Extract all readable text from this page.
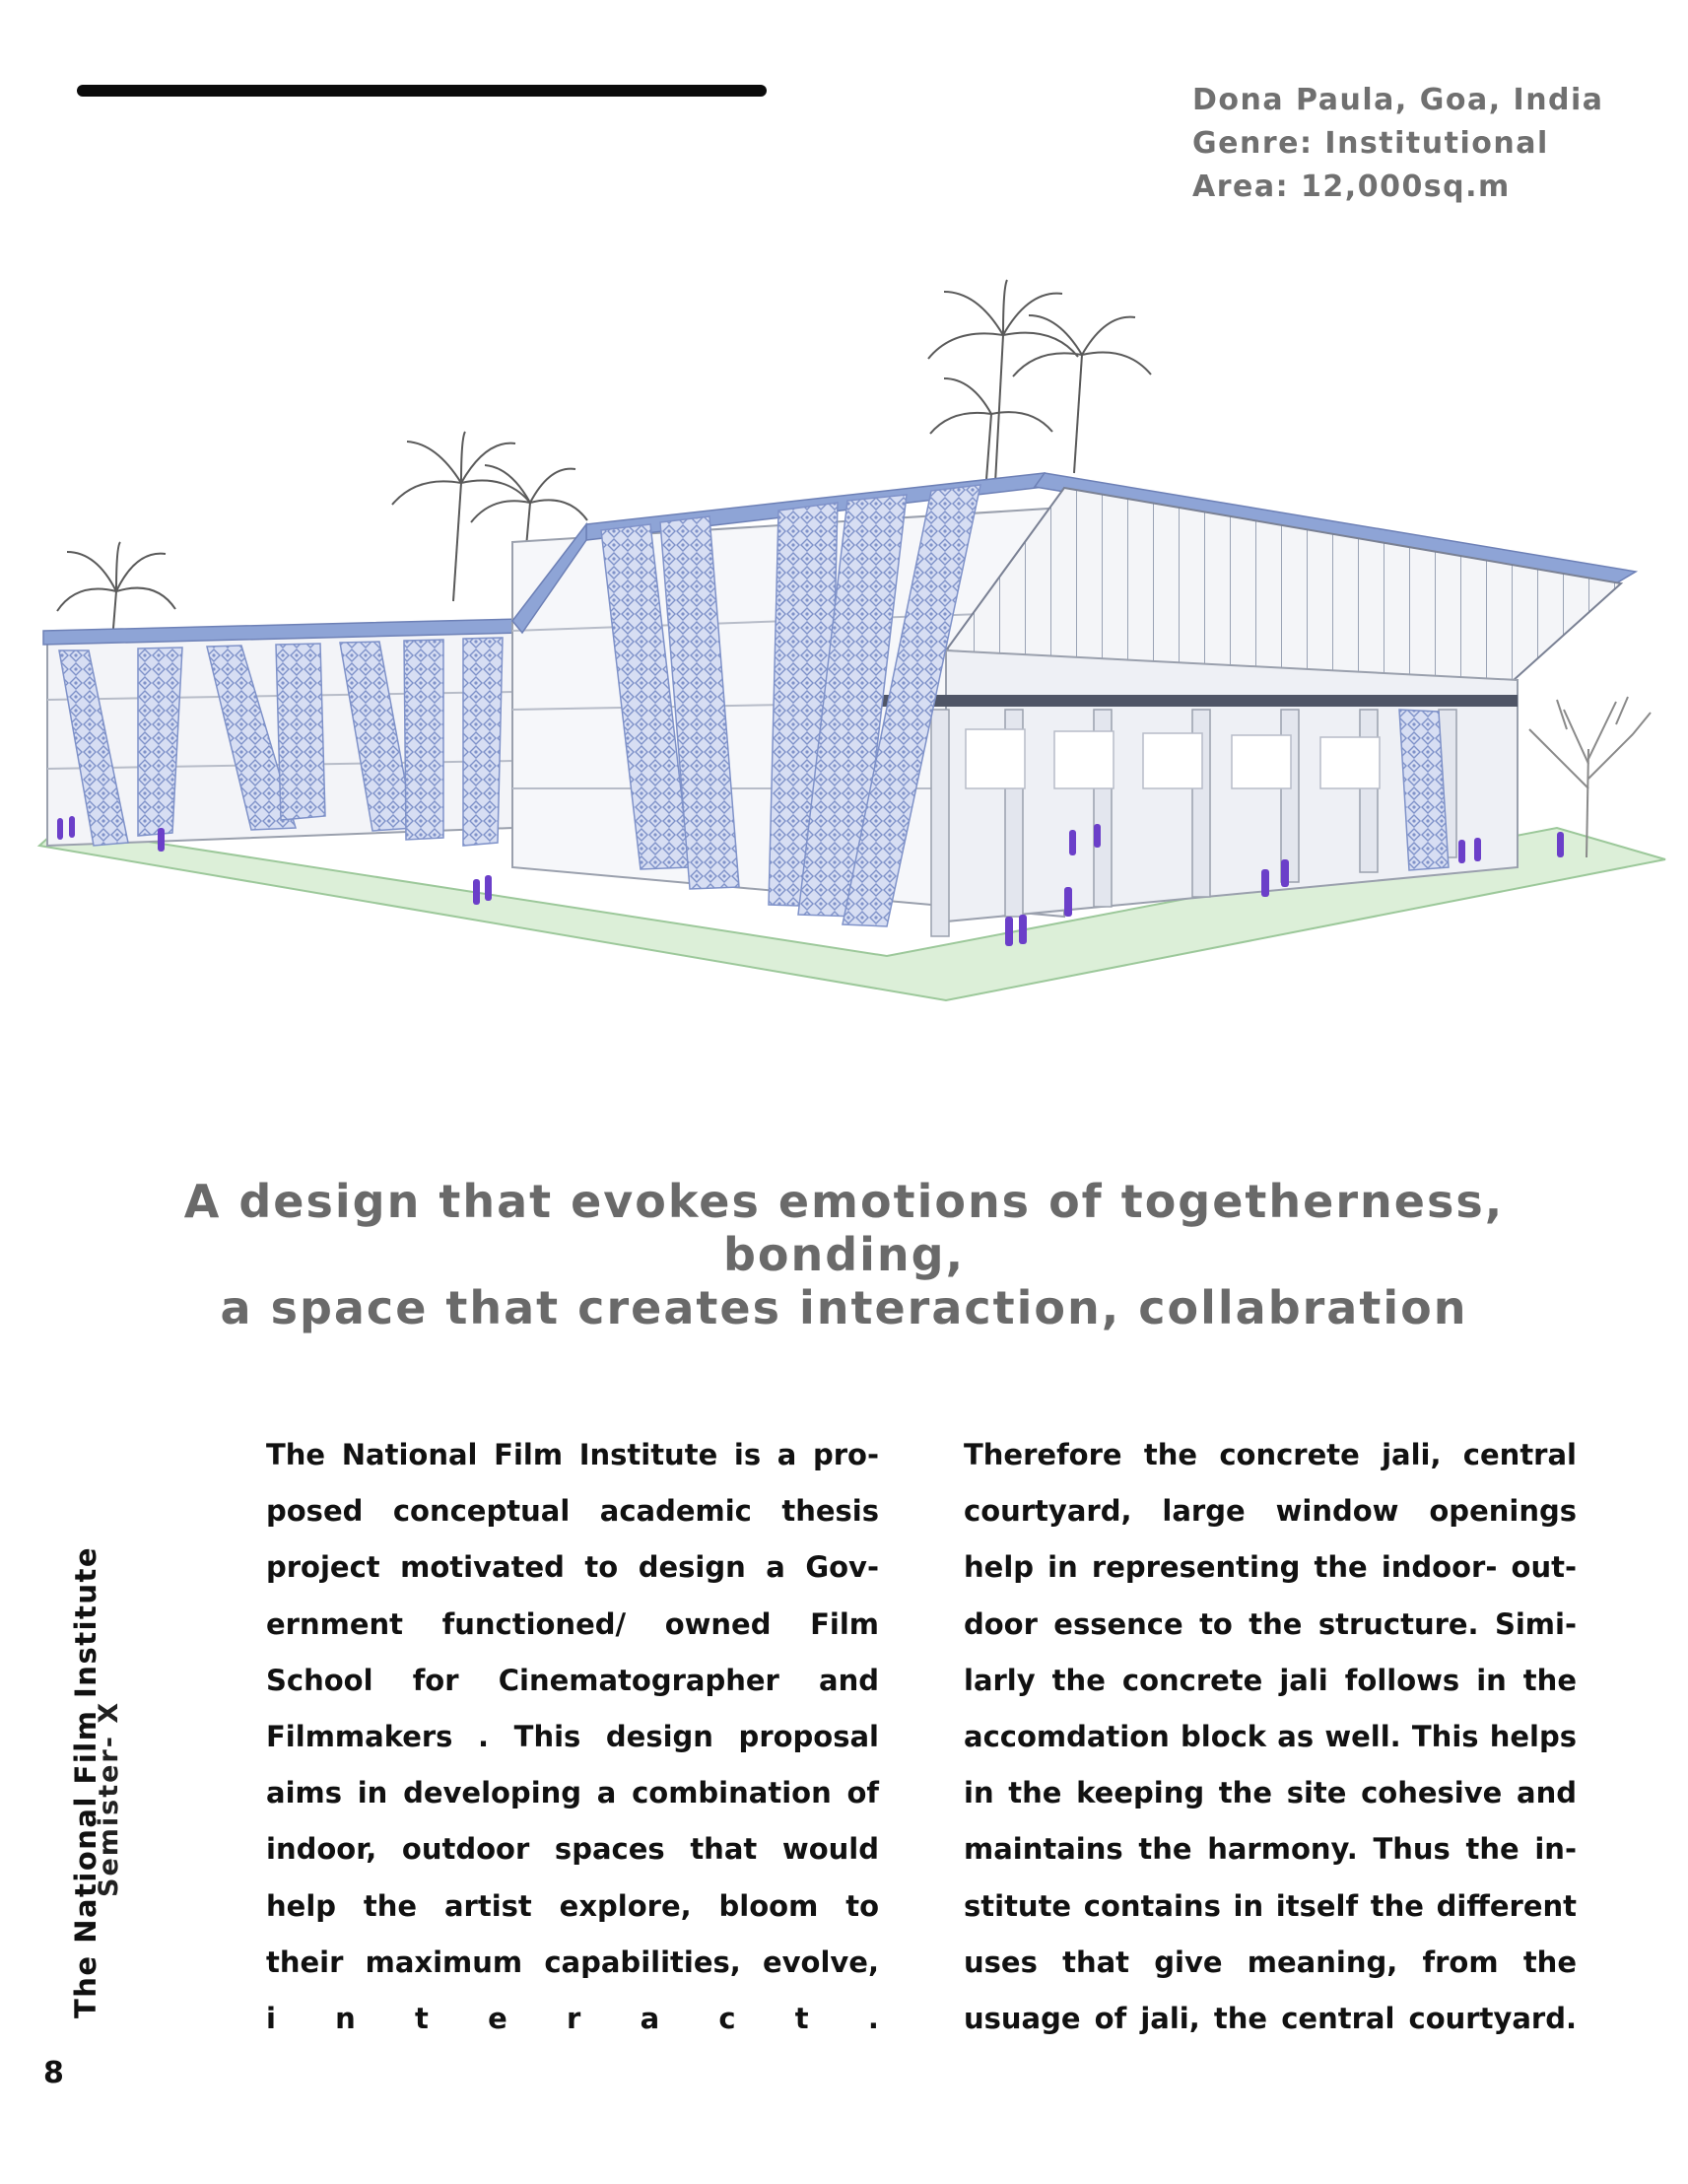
Dona Paula, Goa, India
Genre: Institutional
Area: 12,000sq.m
A design that evokes emotions of togetherness, bonding,
a space that creates interaction, collabration
The National Film Institute is a pro-
posed conceptual academic thesis
project motivated to design a Gov-
ernment functioned/ owned Film
School for Cinematographer and
Filmmakers . This design proposal
aims in developing a combination of
indoor, outdoor spaces that would
help the artist explore, bloom to
their maximum capabilities, evolve,
i n t e r a c t .
Therefore the concrete jali, central
courtyard, large window openings
help in representing the indoor- out-
door essence to the structure. Simi-
larly the concrete jali follows in the
accomdation block as well. This helps
in the keeping the site cohesive and
maintains the harmony. Thus the in-
stitute contains in itself the different
uses that give meaning, from the
usuage of jali, the central courtyard.
The National Film Institute
Semister- X
8
